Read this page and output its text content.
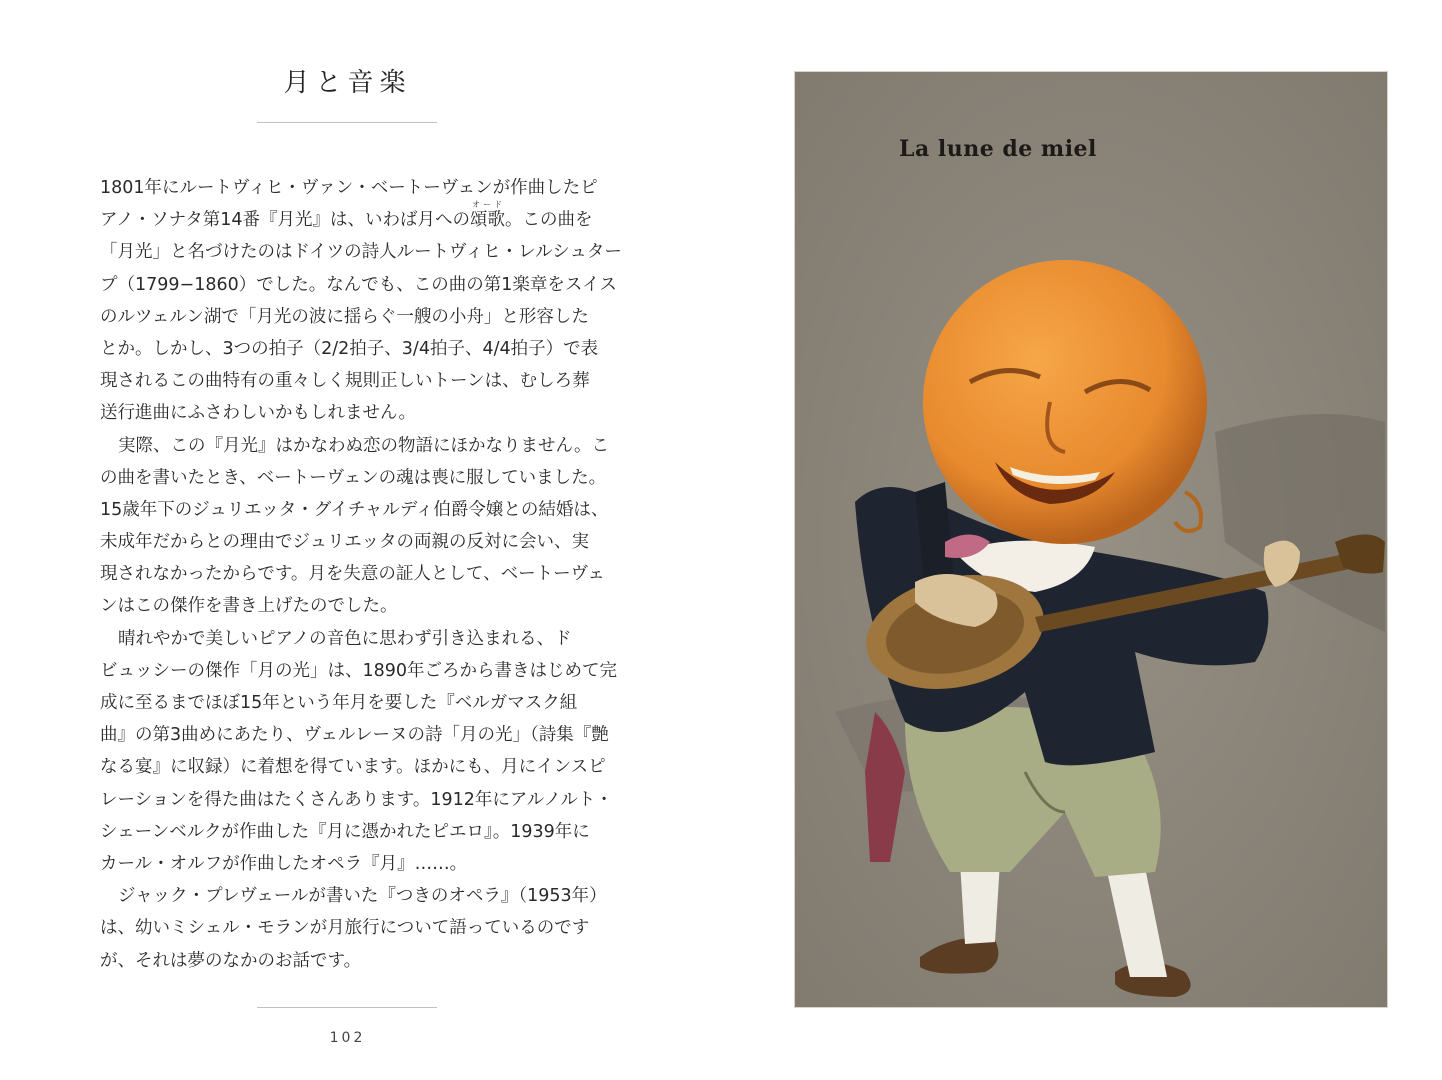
月と音楽
1801年にルートヴィヒ・ヴァン・ベートーヴェンが作曲したピ
アノ・ソナタ第14番『月光』は、いわば月への
オード
頌歌。この曲を
「月光」と名づけたのはドイツの詩人ルートヴィヒ・レルシュター
プ（1799−1860）でした。なんでも、この曲の第1楽章をスイス
のルツェルン湖で「月光の波に揺らぐ一艘の小舟」と形容した
とか。しかし、3つの拍子（2/2拍子、3/4拍子、4/4拍子）で表
現されるこの曲特有の重々しく規則正しいトーンは、むしろ葬
送行進曲にふさわしいかもしれません。
実際、この『月光』はかなわぬ恋の物語にほかなりません。こ
の曲を書いたとき、ベートーヴェンの魂は喪に服していました。
15歳年下のジュリエッタ・グイチャルディ伯爵令嬢との結婚は、
未成年だからとの理由でジュリエッタの両親の反対に会い、実
現されなかったからです。月を失意の証人として、ベートーヴェ
ンはこの傑作を書き上げたのでした。
晴れやかで美しいピアノの音色に思わず引き込まれる、ド
ビュッシーの傑作「月の光」は、1890年ごろから書きはじめて完
成に至るまでほぼ15年という年月を要した『ベルガマスク組
曲』の第3曲めにあたり、ヴェルレーヌの詩「月の光」（詩集『艶
なる宴』に収録）に着想を得ています。ほかにも、月にインスピ
レーションを得た曲はたくさんあります。1912年にアルノルト・
シェーンベルクが作曲した『月に憑かれたピエロ』。1939年に
カール・オルフが作曲したオペラ『月』……。
ジャック・プレヴェールが書いた『つきのオペラ』（1953年）
は、幼いミシェル・モランが月旅行について語っているのです
が、それは夢のなかのお話です。
102
La lune de miel
